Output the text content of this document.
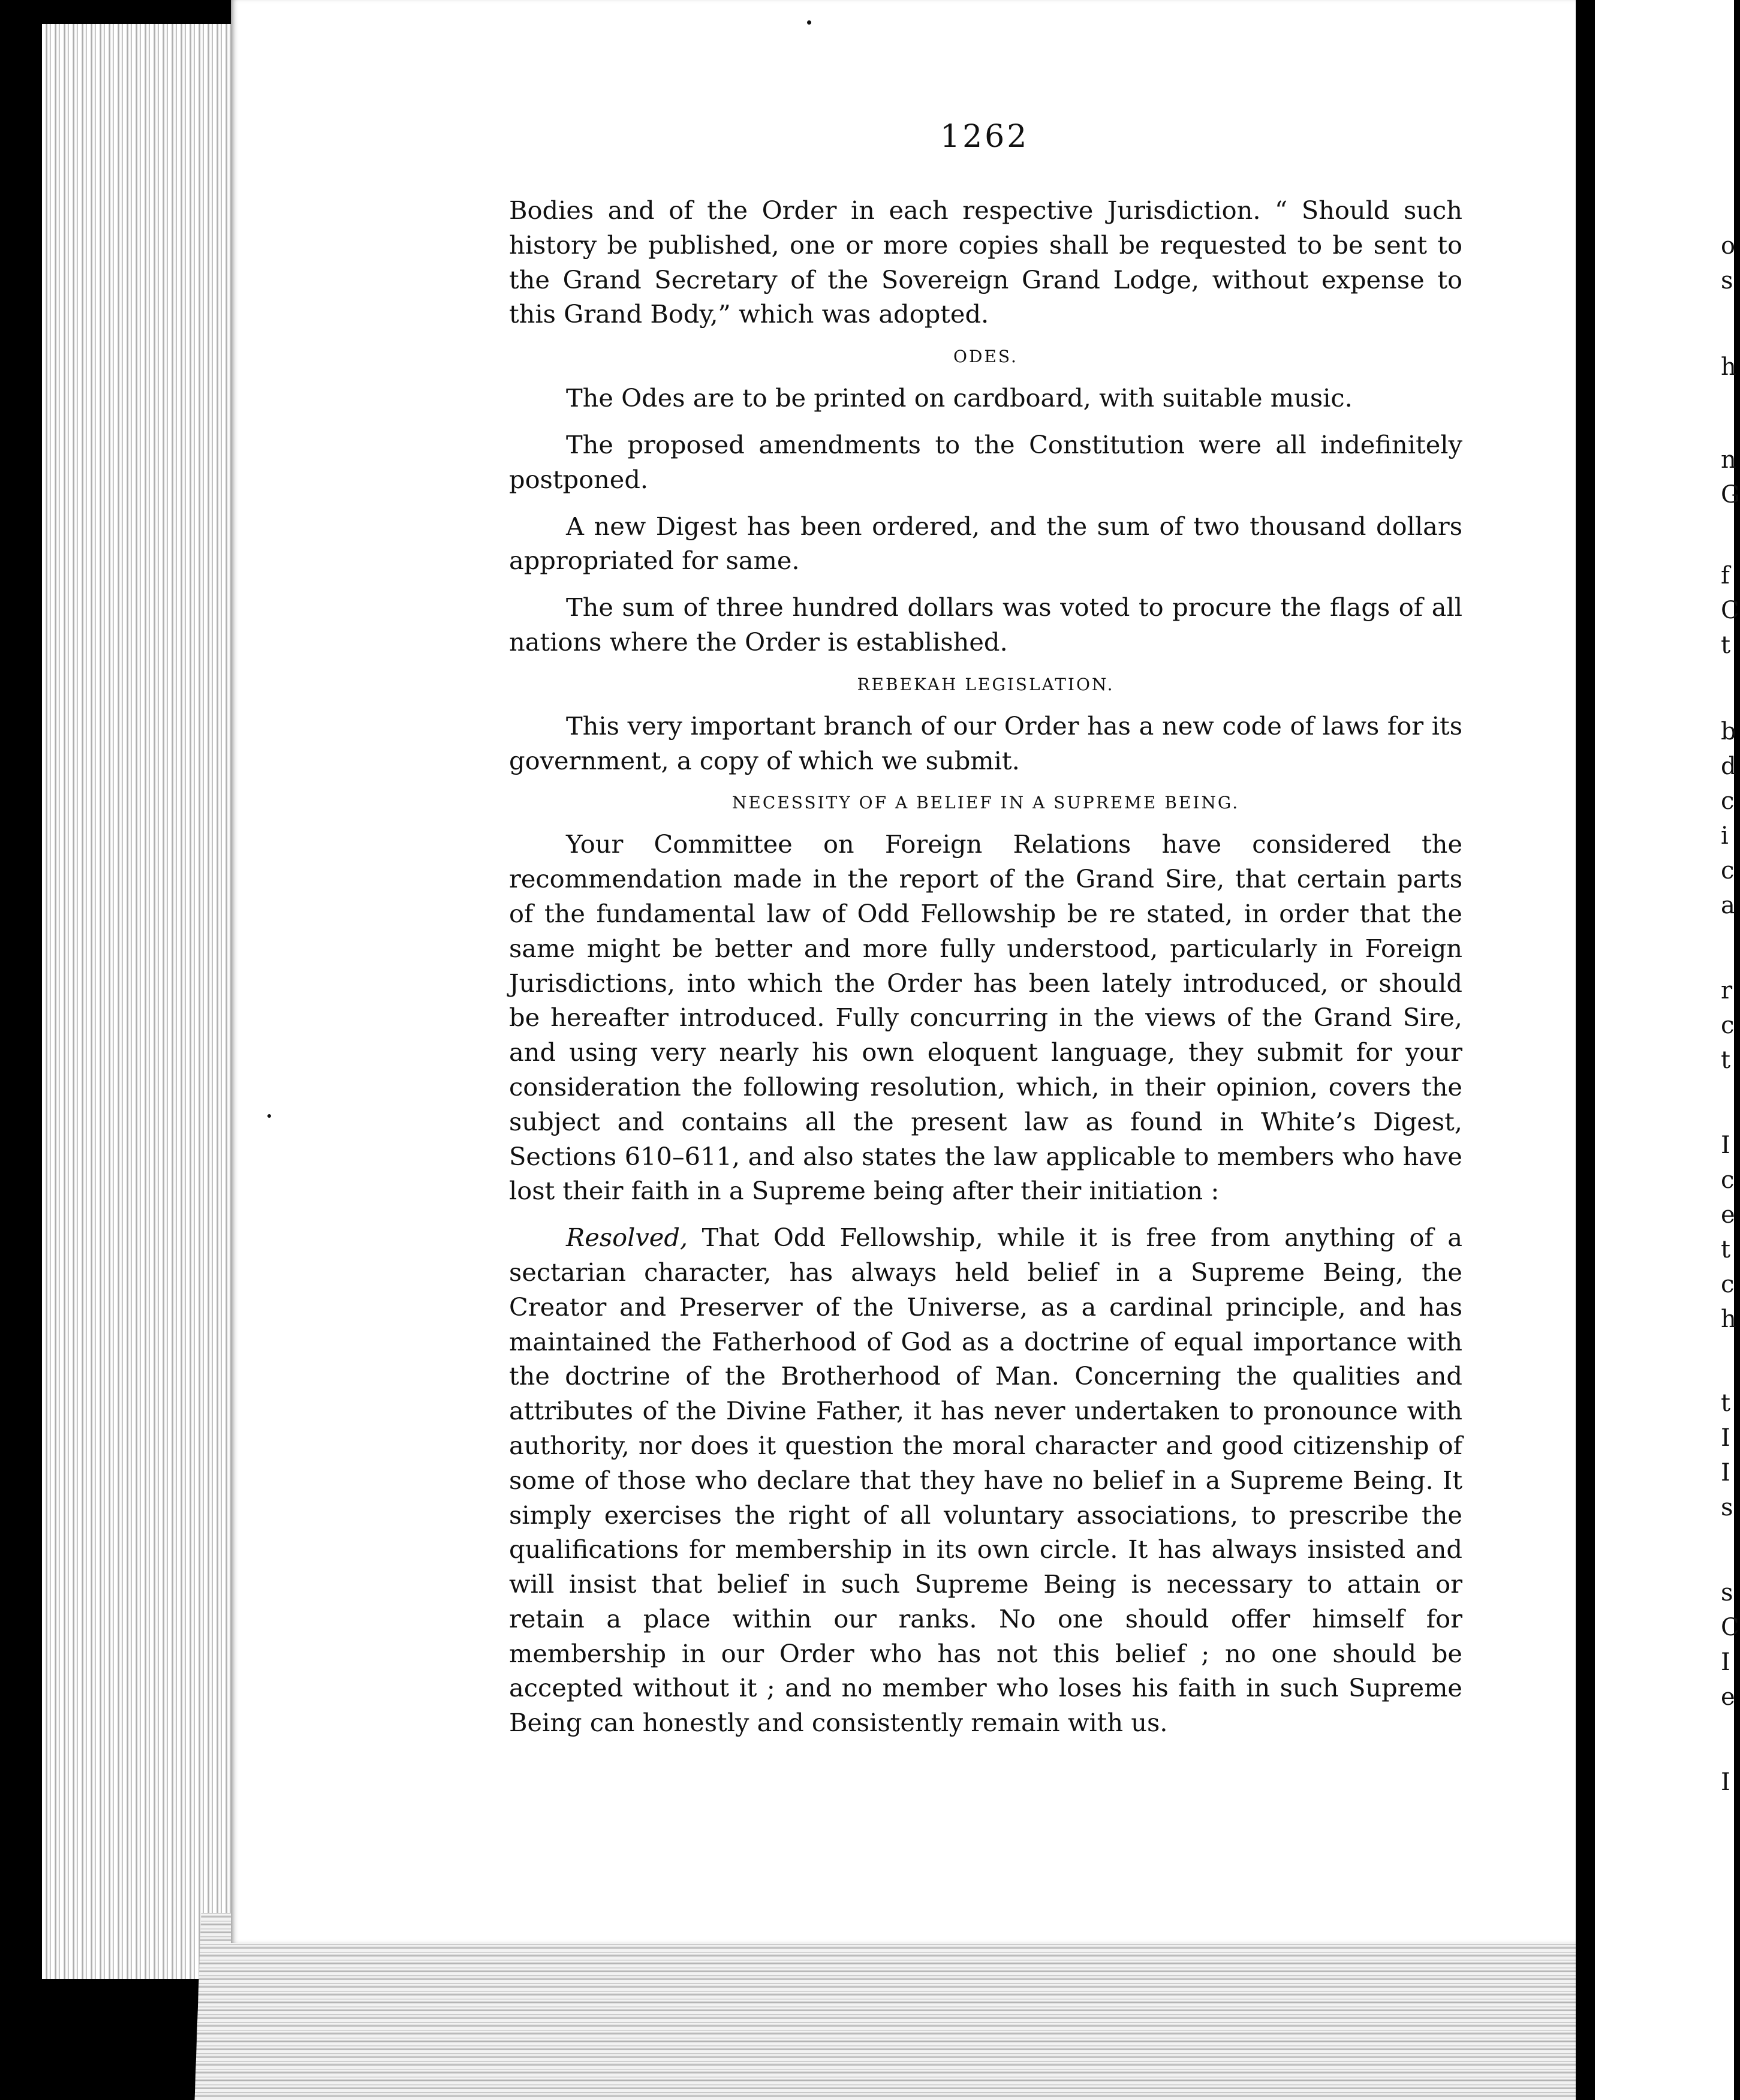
o
s
h
n
G
f
C
t
b
d
c
i
c
a
r
c
t
I
c
e
t
c
h
t
I
I
s
s
C
I
e
I
1262

Bodies and of the Order in each respective Jurisdiction. “ Should such history be published, one or more copies shall be requested to be sent to the Grand Secretary of the Sovereign Grand Lodge, without expense to this Grand Body,” which was adopted.

ODES.

The Odes are to be printed on cardboard, with suitable music.

The proposed amendments to the Constitution were all indefinitely postponed.

A new Digest has been ordered, and the sum of two thousand dollars appropriated for same.

The sum of three hundred dollars was voted to procure the flags of all nations where the Order is established.

REBEKAH LEGISLATION.

This very important branch of our Order has a new code of laws for its government, a copy of which we submit.

NECESSITY OF A BELIEF IN A SUPREME BEING.

Your Committee on Foreign Relations have considered the recommendation made in the report of the Grand Sire, that certain parts of the fundamental law of Odd Fellowship be re stated, in order that the same might be better and more fully understood, particularly in Foreign Jurisdictions, into which the Order has been lately introduced, or should be hereafter introduced. Fully concurring in the views of the Grand Sire, and using very nearly his own eloquent language, they submit for your consideration the following resolution, which, in their opinion, covers the subject and contains all the present law as found in White’s Digest, Sections 610–611, and also states the law applicable to members who have lost their faith in a Supreme being after their initiation :

Resolved, That Odd Fellowship, while it is free from anything of a sectarian character, has always held belief in a Supreme Being, the Creator and Preserver of the Universe, as a cardinal principle, and has maintained the Fatherhood of God as a doctrine of equal importance with the doctrine of the Brotherhood of Man. Concerning the qualities and attributes of the Divine Father, it has never undertaken to pronounce with authority, nor does it question the moral character and good citizenship of some of those who declare that they have no belief in a Supreme Being. It simply exercises the right of all voluntary associations, to prescribe the qualifications for membership in its own circle. It has always insisted and will insist that belief in such Supreme Being is necessary to attain or retain a place within our ranks. No one should offer himself for membership in our Order who has not this belief ; no one should be accepted without it ; and no member who loses his faith in such Supreme Being can honestly and consistently remain with us.
